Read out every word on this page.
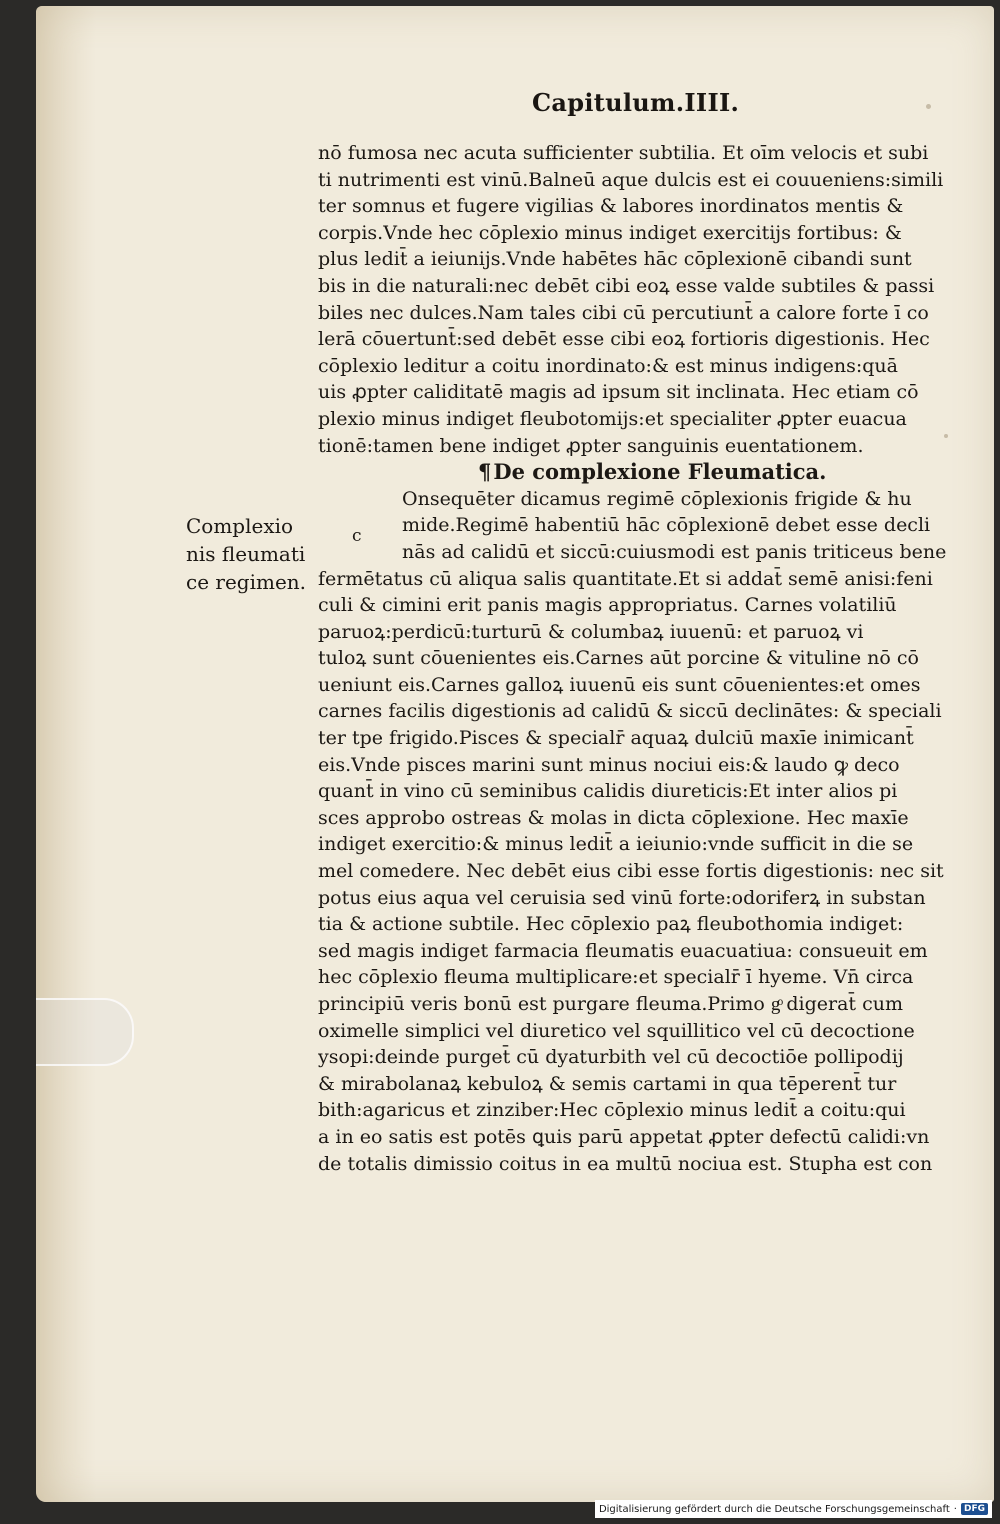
Capitulum.IIII.
nō fumosa nec acuta sufficienter subtilia. Et oīm velocis et subi
ti nutrimenti est vinū.Balneū aque dulcis est ei couueniens:simili
ter somnus et fugere vigilias & labores inordinatos mentis &
corpis.Vnde hec cōplexio minus indiget exercitijs fortibus: &
plus ledit̄ a ieiunijs.Vnde habētes hāc cōplexionē cibandi sunt
bis in die naturali:nec debēt cibi eoꝝ esse valde subtiles & passi
biles nec dulces.Nam tales cibi cū percutiunt̄ a calore forte ī co
lerā cōuertunt̄:sed debēt esse cibi eoꝝ fortioris digestionis. Hec
cōplexio leditur a coitu inordinato:& est minus indigens:quā
uis ꝓpter caliditatē magis ad ipsum sit inclinata. Hec etiam cō
plexio minus indiget fleubotomijs:et specialiter ꝓpter euacua
tionē:tamen bene indiget ꝓpter sanguinis euentationem.
¶De complexione Fleumatica.
Onsequēter dicamus regimē cōplexionis frigide & hu
mide.Regimē habentiū hāc cōplexionē debet esse decli
nās ad calidū et siccū:cuiusmodi est panis triticeus bene
fermētatus cū aliqua salis quantitate.Et si addat̄ semē anisi:feni
culi & cimini erit panis magis appropriatus. Carnes volatiliū
paruoꝝ:perdicū:turturū & columbaꝝ iuuenū: et paruoꝝ vi
tuloꝝ sunt cōuenientes eis.Carnes aūt porcine & vituline nō cō
ueniunt eis.Carnes galloꝝ iuuenū eis sunt cōuenientes:et omes
carnes facilis digestionis ad calidū & siccū declinātes: & speciali
ter tpe frigido.Pisces & specialr̄ aquaꝝ dulciū maxīe inimicant̄
eis.Vnde pisces marini sunt minus nociui eis:& laudo ꝙ deco
quant̄ in vino cū seminibus calidis diureticis:Et inter alios pi
sces approbo ostreas & molas in dicta cōplexione. Hec maxīe
indiget exercitio:& minus ledit̄ a ieiunio:vnde sufficit in die se
mel comedere. Nec debēt eius cibi esse fortis digestionis: nec sit
potus eius aqua vel ceruisia sed vinū forte:odoriferꝝ in substan
tia & actione subtile. Hec cōplexio paꝝ fleubothomia indiget:
sed magis indiget farmacia fleumatis euacuatiua: consueuit em
hec cōplexio fleuma multiplicare:et specialr̄ ī hyeme. Vn̄ circa
principiū veris bonū est purgare fleuma.Primo gͦ digerat̄ cum
oximelle simplici vel diuretico vel squillitico vel cū decoctione
ysopi:deinde purget̄ cū dyaturbith vel cū decoctiōe pollipodij
& mirabolanaꝝ kebuloꝝ & semis cartami in qua tēperent̄ tur
bith:agaricus et zinziber:Hec cōplexio minus ledit̄ a coitu:qui
a in eo satis est potēs ꝗuis parū appetat ꝓpter defectū calidi:vn
de totalis dimissio coitus in ea multū nociua est. Stupha est con
Complexio
nis fleumati
ce regimen.
c
Digitalisierung gefördert durch die Deutsche Forschungsgemeinschaft · DFG
